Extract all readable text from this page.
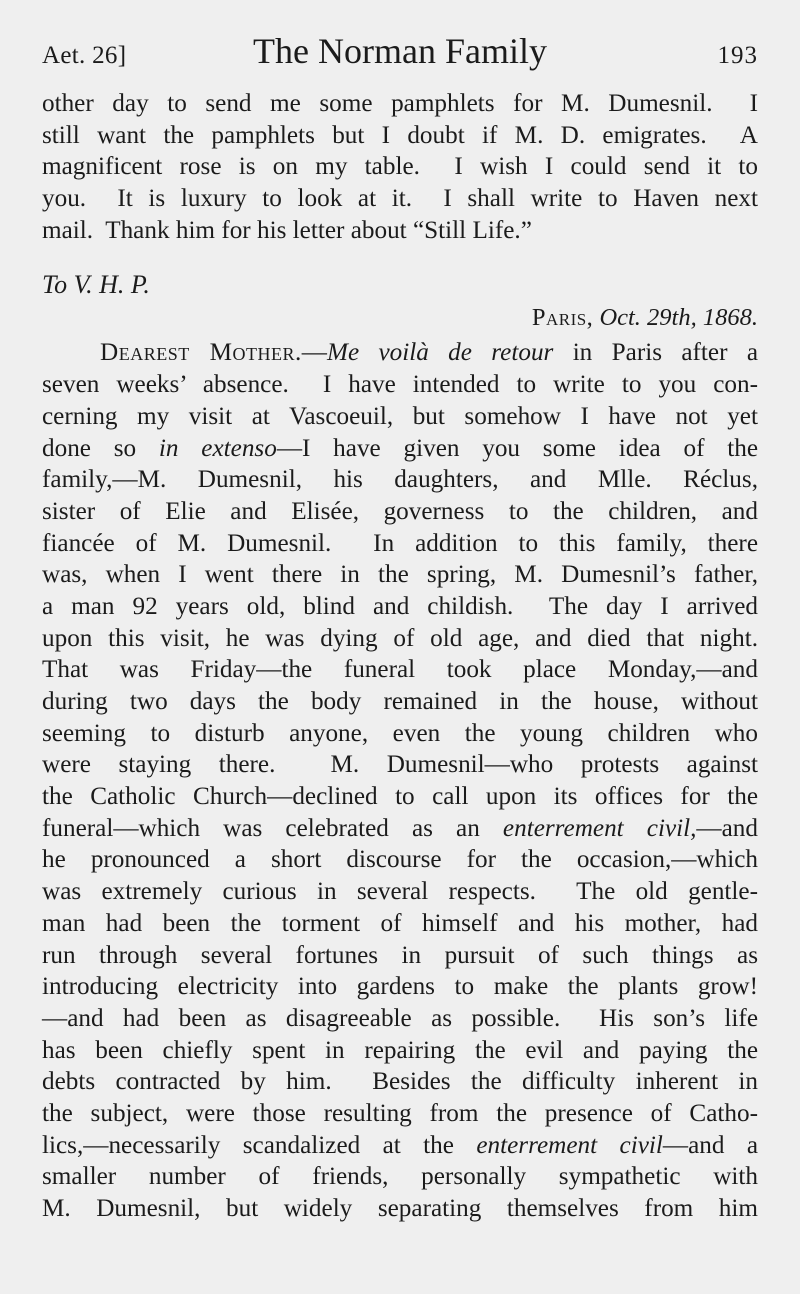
Aet. 26]	The Norman Family	193
other day to send me some pamphlets for M. Dumesnil.  I
still want the pamphlets but I doubt if M. D. emigrates.  A
magnificent rose is on my table.  I wish I could send it to
you.  It is luxury to look at it.  I shall write to Haven next
mail.  Thank him for his letter about “Still Life.”
To V. H. P.
Paris, Oct. 29th, 1868.
Dearest Mother.—Me voilà de retour in Paris after a
seven weeks’ absence.  I have intended to write to you con-
cerning my visit at Vascoeuil, but somehow I have not yet
done so in extenso—I have given you some idea of the
family,—M. Dumesnil, his daughters, and Mlle. Réclus,
sister of Elie and Elisée, governess to the children, and
fiancée of M. Dumesnil.  In addition to this family, there
was, when I went there in the spring, M. Dumesnil’s father,
a man 92 years old, blind and childish.  The day I arrived
upon this visit, he was dying of old age, and died that night.
That was Friday—the funeral took place Monday,—and
during two days the body remained in the house, without
seeming to disturb anyone, even the young children who
were staying there.  M. Dumesnil—who protests against
the Catholic Church—declined to call upon its offices for the
funeral—which was celebrated as an enterrement civil,—and
he pronounced a short discourse for the occasion,—which
was extremely curious in several respects.  The old gentle-
man had been the torment of himself and his mother, had
run through several fortunes in pursuit of such things as
introducing electricity into gardens to make the plants grow!
—and had been as disagreeable as possible.  His son’s life
has been chiefly spent in repairing the evil and paying the
debts contracted by him.  Besides the difficulty inherent in
the subject, were those resulting from the presence of Catho-
lics,—necessarily scandalized at the enterrement civil—and a
smaller number of friends, personally sympathetic with
M. Dumesnil, but widely separating themselves from him
